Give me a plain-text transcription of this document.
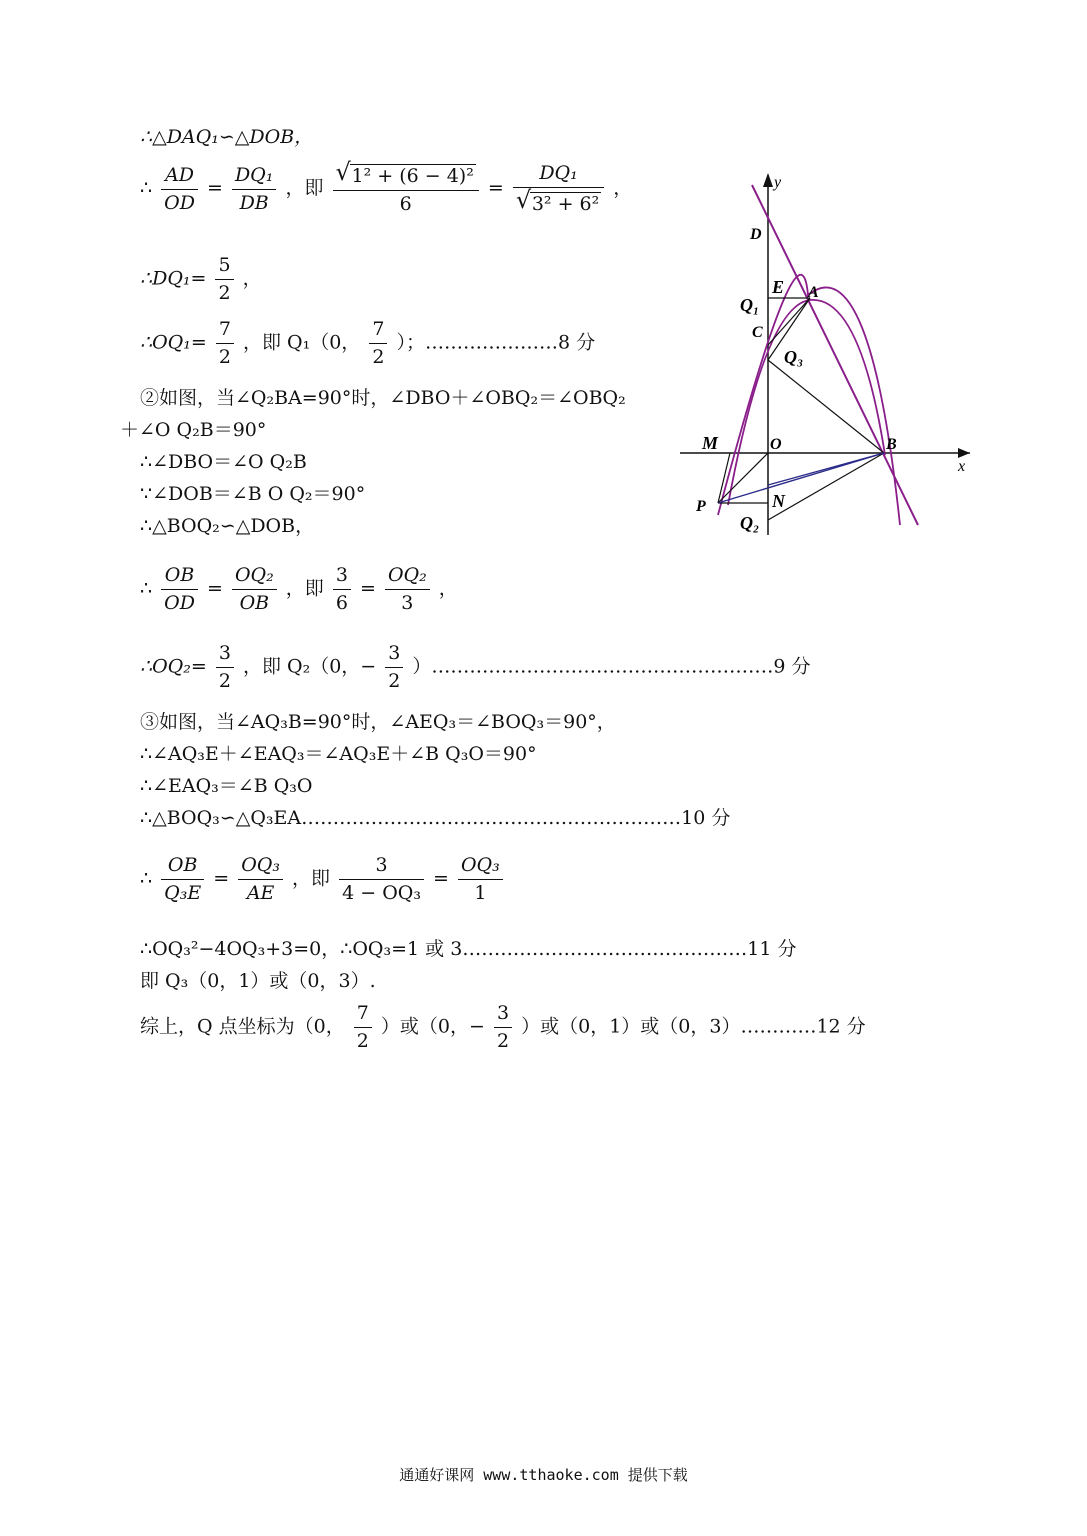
∴△DAQ₁∽△DOB，
∴ $\frac{AD}{OD} = \frac{\text{DQ₁}}{DB}$ ，即 $\frac{\text{√ 1² + (6 − 4)²}}{6} = \frac{\text{DQ₁}}{\text{√ 3² + 6²}}$ ，
∴DQ₁= $\frac{5}{2}$ ，
∴OQ₁= $\frac{7}{2}$ ，即 Q₁（0， $\frac{7}{2}$ ）；…………………8 分
②如图，当∠Q₂BA=90°时，∠DBO＋∠OBQ₂＝∠OBQ₂
＋∠O Q₂B＝90°
∴∠DBO＝∠O Q₂B
∵∠DOB＝∠B O Q₂＝90°
∴△BOQ₂∽△DOB，
∴ $\frac{OB}{OD} = \frac{\text{OQ₂}}{OB}$ ，即 $\frac{3}{6} = \frac{\text{OQ₂}}{3}$ ，
∴OQ₂= $\frac{3}{2}$ ，即 Q₂（0，− $\frac{3}{2}$ ）………………………………………………9 分
③如图，当∠AQ₃B=90°时，∠AEQ₃＝∠BOQ₃＝90°，
∴∠AQ₃E＋∠EAQ₃＝∠AQ₃E＋∠B Q₃O＝90°
∴∠EAQ₃＝∠B Q₃O
∴△BOQ₃∽△Q₃EA……………………………………………………10 分
∴ $\frac{OB}{\text{Q₃E}} = \frac{\text{OQ₃}}{AE}$ ，即 $\frac{3}{\text{4 − OQ₃}} = \frac{\text{OQ₃}}{1}$
∴OQ₃²−4OQ₃+3=0，∴OQ₃=1 或 3………………………………………11 分
即 Q₃（0，1）或（0，3）.
综上，Q 点坐标为（0， $\frac{7}{2}$ ）或（0，− $\frac{3}{2}$ ）或（0，1）或（0，3）…………12 分
y
x
D
E A
Q₁
C
Q₃
M	O	B
P	N
Q₂
通通好课网 www.tthaoke.com 提供下载
